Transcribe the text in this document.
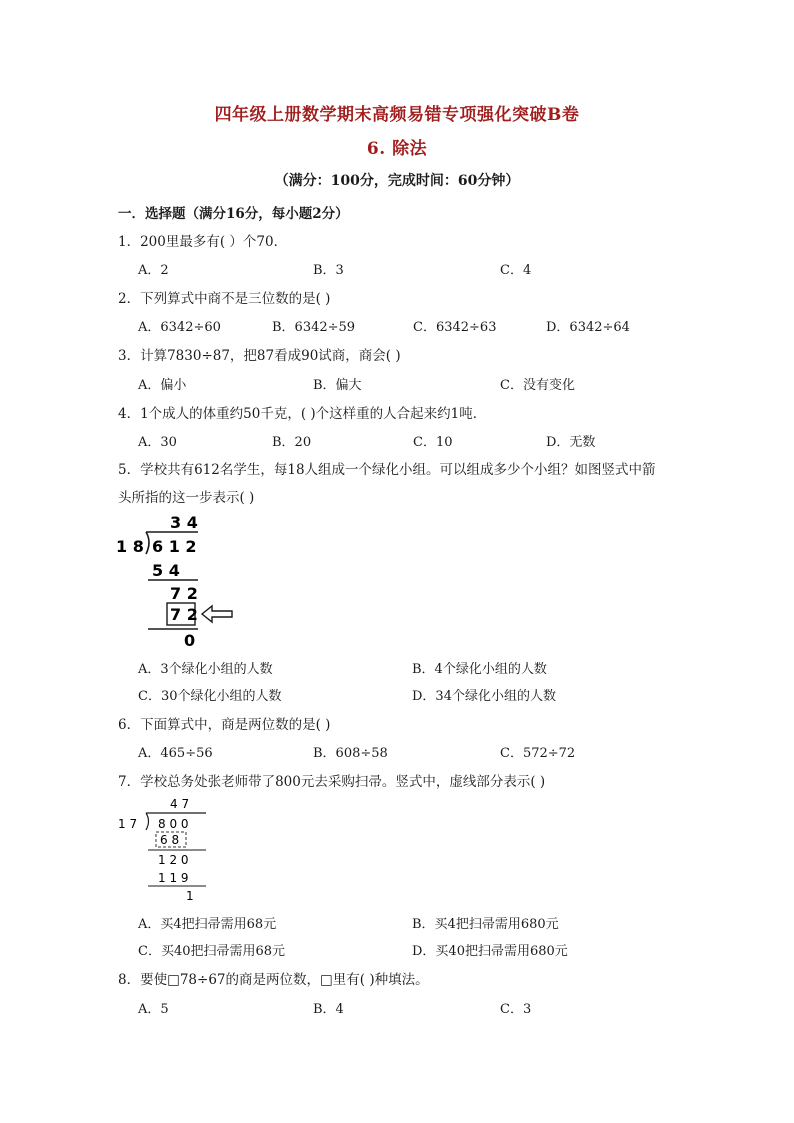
四年级上册数学期末高频易错专项强化突破B卷
6. 除法
（满分：100分，完成时间：60分钟）
一．选择题（满分16分，每小题2分）
1．200里最多有( ）个70．
A．2	B．3	C．4
2．下列算式中商不是三位数的是( )
A．6342÷60	B．6342÷59	C．6342÷63	D．6342÷64
3．计算7830÷87，把87看成90试商，商会( )
A．偏小	B．偏大	C．没有变化
4．1个成人的体重约50千克，( )个这样重的人合起来约1吨．
A．30	B．20	C．10	D．无数
5．学校共有612名学生，每18人组成一个绿化小组。可以组成多少个小组？如图竖式中箭
头所指的这一步表示( )
3 4
1 8 6 1 2
5 4
7 2
7 2
0
A．3个绿化小组的人数	B．4个绿化小组的人数
C．30个绿化小组的人数	D．34个绿化小组的人数
6．下面算式中，商是两位数的是( )
A．465÷56	B．608÷58	C．572÷72
7．学校总务处张老师带了800元去采购扫帚。竖式中，虚线部分表示( )
4 7
1 7 8 0 0
6 8
1 2 0
1 1 9
1
A．买4把扫帚需用68元	B．买4把扫帚需用680元
C．买40把扫帚需用68元	D．买40把扫帚需用680元
8．要使□78÷67的商是两位数，□里有( )种填法。
A．5	B．4	C．3
